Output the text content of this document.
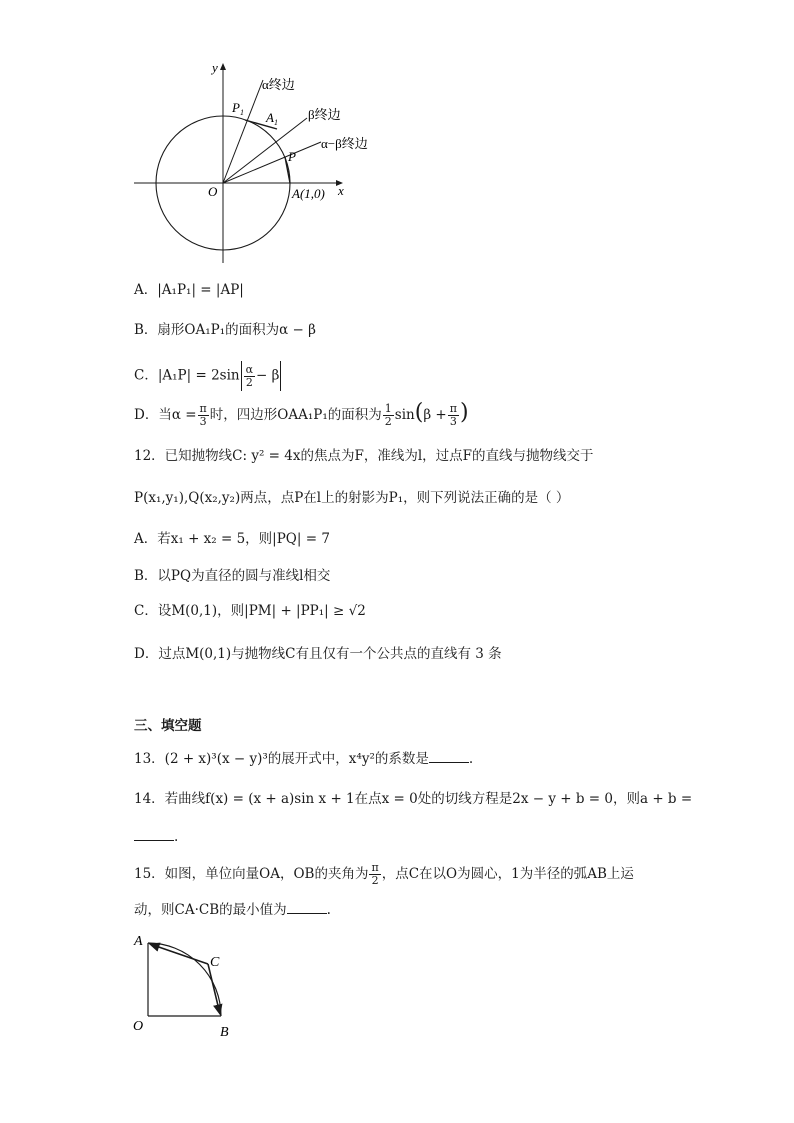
y
x
O
$P_1$ $A_1$
P
A(1,0)
α终边
β终边
α−β终边
A．|A₁P₁| = |AP|
B．扇形OA₁P₁的面积为α − β
C．$|A_1P| = 2\sin \frac{\alpha}{2} - \beta$
D．当$\alpha = \frac{\pi}{3}$ 时，四边形OAA₁P₁的面积为 $\frac{1}{2} \sin(\beta + \frac{\pi}{3}$ )
12．已知抛物线C: y² = 4x的焦点为F，准线为l，过点F的直线与抛物线交于
P(x₁,y₁),Q(x₂,y₂)两点，点P在l上的射影为P₁，则下列说法正确的是（ ）
A．若x₁ + x₂ = 5，则|PQ| = 7
B．以PQ为直径的圆与准线l相交
C．设M(0,1)，则|PM| + |PP₁| ≥ √2
D．过点M(0,1)与抛物线C有且仅有一个公共点的直线有 3 条
三、填空题
13．(2 + x)³(x − y)³的展开式中，x⁴y²的系数是	.
14．若曲线f(x) = (x + a)sin x + 1在点x = 0处的切线方程是2x − y + b = 0，则a + b =
.
15．如图，单位向量OA，OB的夹角为 $\frac{\pi}{2}$ ，点C在以O为圆心，1为半径的弧AB上运
动，则CA·CB的最小值为	.
A
C
O	B
